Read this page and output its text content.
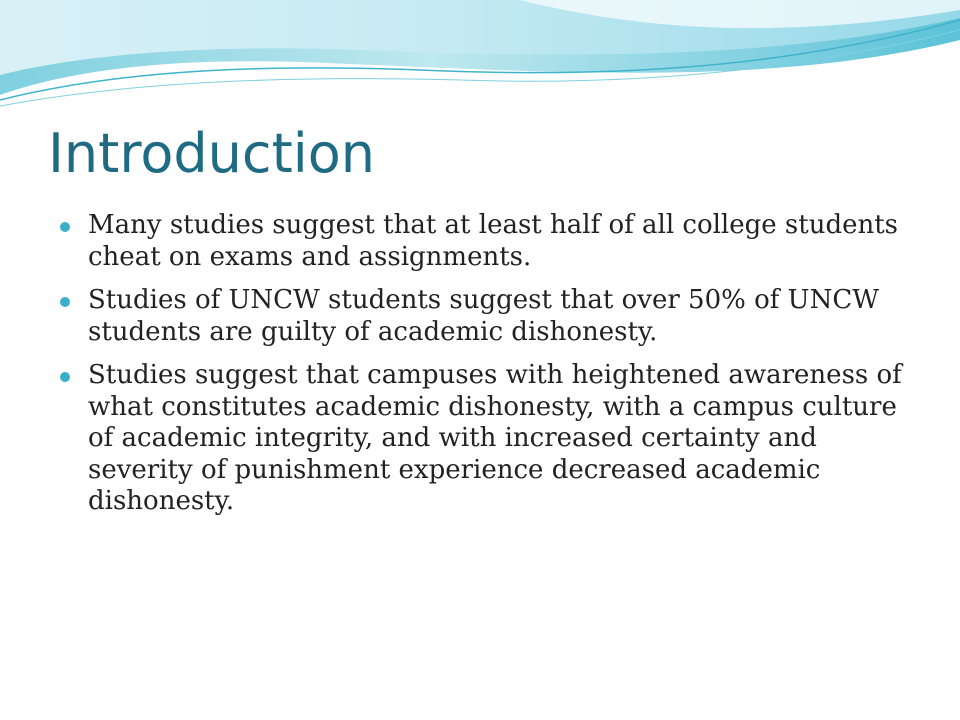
Introduction
Many studies suggest that at least half of all college students cheat on exams and assignments.
Studies of UNCW students suggest that over 50% of UNCW students are guilty of academic dishonesty.
Studies suggest that campuses with heightened awareness of what constitutes academic dishonesty, with a campus culture of academic integrity, and with increased certainty and severity of punishment experience decreased academic dishonesty.
